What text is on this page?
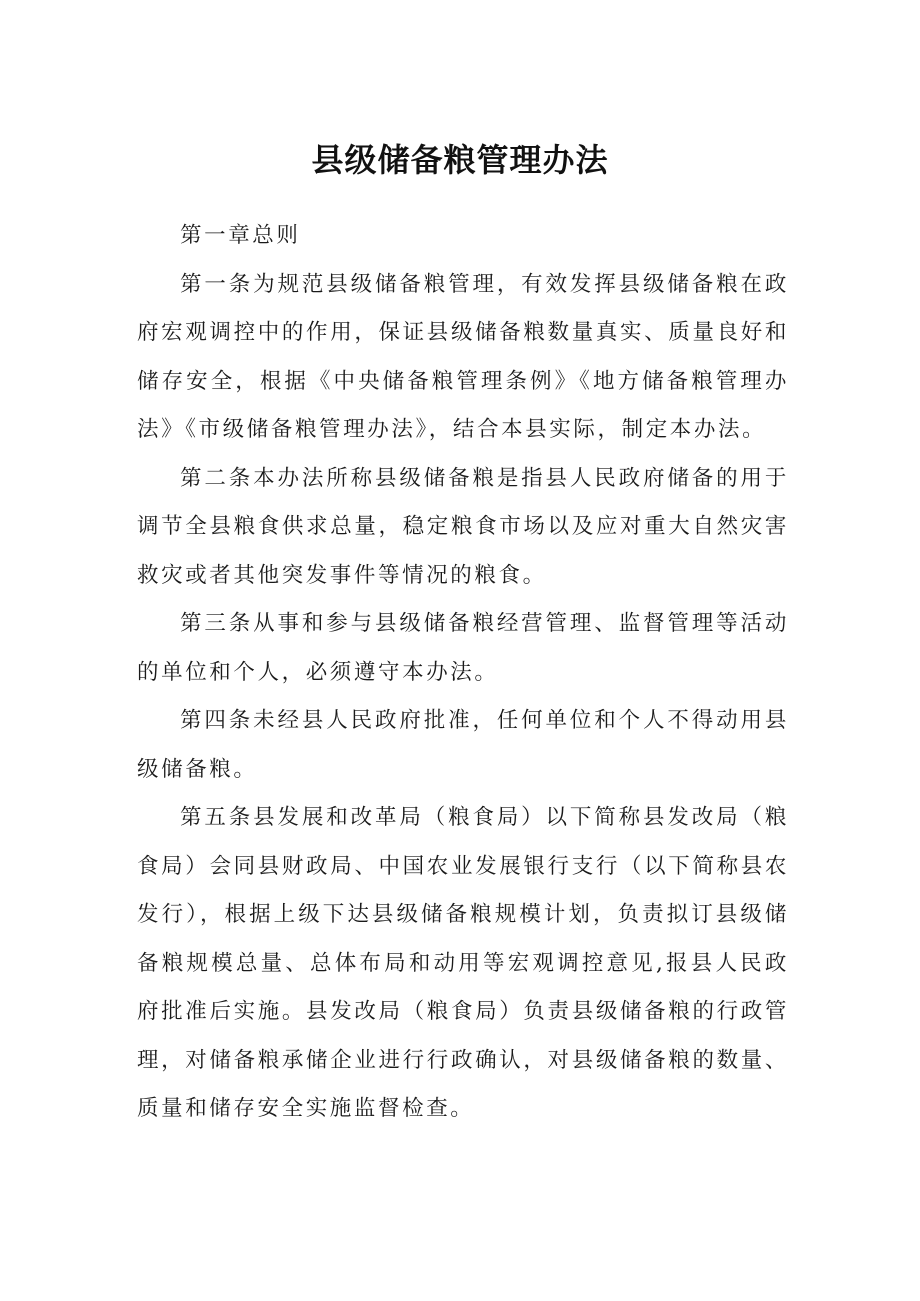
县级储备粮管理办法

第一章总则

第一条为规范县级储备粮管理，有效发挥县级储备粮在政府宏观调控中的作用，保证县级储备粮数量真实、质量良好和储存安全，根据《中央储备粮管理条例》《地方储备粮管理办法》《市级储备粮管理办法》，结合本县实际，制定本办法。

第二条本办法所称县级储备粮是指县人民政府储备的用于调节全县粮食供求总量，稳定粮食市场以及应对重大自然灾害救灾或者其他突发事件等情况的粮食。

第三条从事和参与县级储备粮经营管理、监督管理等活动的单位和个人，必须遵守本办法。

第四条未经县人民政府批准，任何单位和个人不得动用县级储备粮。

第五条县发展和改革局（粮食局）以下简称县发改局（粮食局）会同县财政局、中国农业发展银行支行（以下简称县农发行），根据上级下达县级储备粮规模计划，负责拟订县级储备粮规模总量、总体布局和动用等宏观调控意见,报县人民政府批准后实施。县发改局（粮食局）负责县级储备粮的行政管理，对储备粮承储企业进行行政确认，对县级储备粮的数量、质量和储存安全实施监督检查。
